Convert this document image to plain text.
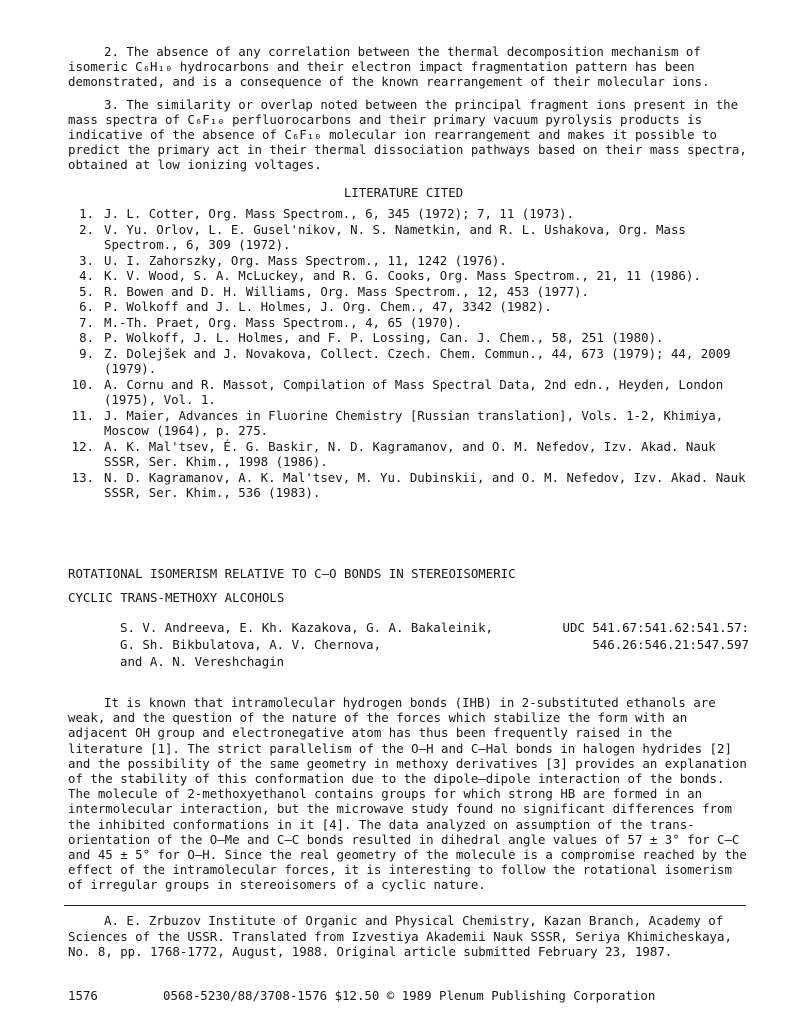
2. The absence of any correlation between the thermal decomposition mechanism of isomeric C₆H₁₀ hydrocarbons and their electron impact fragmentation pattern has been demonstrated, and is a consequence of the known rearrangement of their molecular ions.

3. The similarity or overlap noted between the principal fragment ions present in the mass spectra of C₆F₁₀ perfluorocarbons and their primary vacuum pyrolysis products is indicative of the absence of C₆F₁₀ molecular ion rearrangement and makes it possible to predict the primary act in their thermal dissociation pathways based on their mass spectra, obtained at low ionizing voltages.

LITERATURE CITED
1. J. L. Cotter, Org. Mass Spectrom., 6, 345 (1972); 7, 11 (1973).
2. V. Yu. Orlov, L. E. Gusel'nikov, N. S. Nametkin, and R. L. Ushakova, Org. Mass Spectrom., 6, 309 (1972).
3. U. I. Zahorszky, Org. Mass Spectrom., 11, 1242 (1976).
4. K. V. Wood, S. A. McLuckey, and R. G. Cooks, Org. Mass Spectrom., 21, 11 (1986).
5. R. Bowen and D. H. Williams, Org. Mass Spectrom., 12, 453 (1977).
6. P. Wolkoff and J. L. Holmes, J. Org. Chem., 47, 3342 (1982).
7. M.-Th. Praet, Org. Mass Spectrom., 4, 65 (1970).
8. P. Wolkoff, J. L. Holmes, and F. P. Lossing, Can. J. Chem., 58, 251 (1980).
9. Z. Dolejšek and J. Novakova, Collect. Czech. Chem. Commun., 44, 673 (1979); 44, 2009 (1979).
10. A. Cornu and R. Massot, Compilation of Mass Spectral Data, 2nd edn., Heyden, London (1975), Vol. 1.
11. J. Maier, Advances in Fluorine Chemistry [Russian translation], Vols. 1-2, Khimiya, Moscow (1964), p. 275.
12. A. K. Mal'tsev, É. G. Baskir, N. D. Kagramanov, and O. M. Nefedov, Izv. Akad. Nauk SSSR, Ser. Khim., 1998 (1986).
13. N. D. Kagramanov, A. K. Mal'tsev, M. Yu. Dubinskii, and O. M. Nefedov, Izv. Akad. Nauk SSSR, Ser. Khim., 536 (1983).
ROTATIONAL ISOMERISM RELATIVE TO C—O BONDS IN STEREOISOMERIC
CYCLIC TRANS-METHOXY ALCOHOLS
S. V. Andreeva, E. Kh. Kazakova, G. A. Bakaleinik,
G. Sh. Bikbulatova, A. V. Chernova,
and A. N. Vereshchagin
UDC 541.67:541.62:541.57:
546.26:546.21:547.597

It is known that intramolecular hydrogen bonds (IHB) in 2-substituted ethanols are weak, and the question of the nature of the forces which stabilize the form with an adjacent OH group and electronegative atom has thus been frequently raised in the literature [1]. The strict parallelism of the O—H and C—Hal bonds in halogen hydrides [2] and the possibility of the same geometry in methoxy derivatives [3] provides an explanation of the stability of this conformation due to the dipole—dipole interaction of the bonds. The molecule of 2-methoxyethanol contains groups for which strong HB are formed in an intermolecular interaction, but the microwave study found no significant differences from the inhibited conformations in it [4]. The data analyzed on assumption of the trans-orientation of the O—Me and C—C bonds resulted in dihedral angle values of 57 ± 3° for C—C and 45 ± 5° for O—H. Since the real geometry of the molecule is a compromise reached by the effect of the intramolecular forces, it is interesting to follow the rotational isomerism of irregular groups in stereoisomers of a cyclic nature.

A. E. Zrbuzov Institute of Organic and Physical Chemistry, Kazan Branch, Academy of Sciences of the USSR. Translated from Izvestiya Akademii Nauk SSSR, Seriya Khimicheskaya, No. 8, pp. 1768-1772, August, 1988. Original article submitted February 23, 1987.

1576	0568-5230/88/3708-1576 $12.50 © 1989 Plenum Publishing Corporation
